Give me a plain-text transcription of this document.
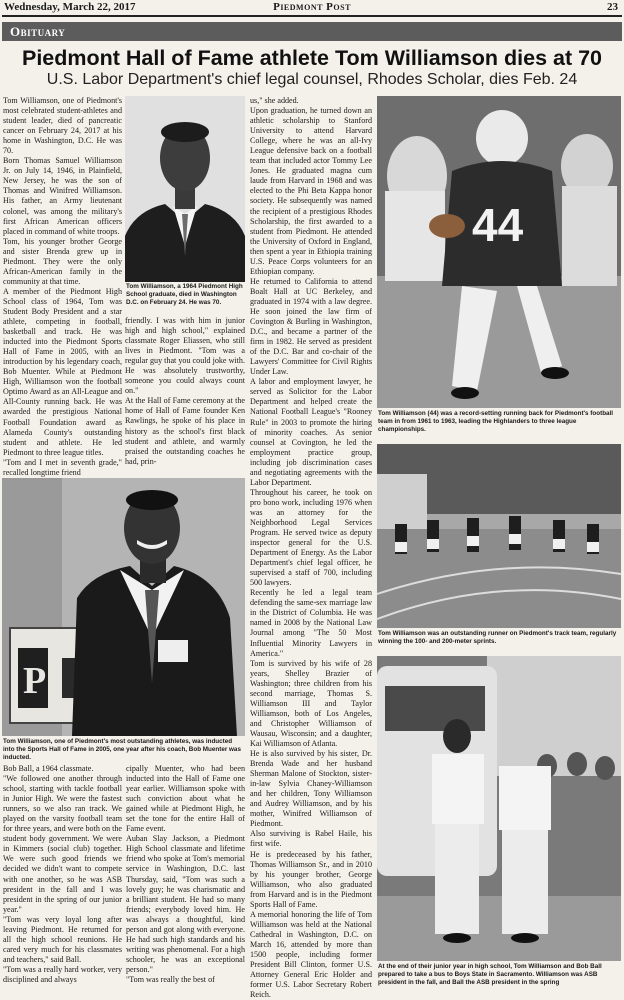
Wednesday, March 22, 2017	Piedmont Post	23
Obituary
Piedmont Hall of Fame athlete Tom Williamson dies at 70
U.S. Labor Department's chief legal counsel, Rhodes Scholar, dies Feb. 24
Tom Williamson, one of Piedmont's most celebrated student-athletes and student leader, died of pancreatic cancer on February 24, 2017 at his home in Washington, D.C. He was 70.
Born Thomas Samuel Williamson Jr. on July 14, 1946, in Plainfield, New Jersey, he was the son of Thomas and Winifred Williamson. His father, an Army lieutenant colonel, was among the military's first African American officers placed in command of white troops.
Tom, his younger brother George and sister Brenda grew up in Piedmont. They were the only African-American family in the community at that time.
A member of the Piedmont High School class of 1964, Tom was Student Body President and a star athlete, competing in football, basketball and track. He was inducted into the Piedmont Sports Hall of Fame in 2005, with an introduction by his legendary coach, Bob Muenter. While at Piedmont High, Williamson won the football Optimo Award as an All-League and All-County running back. He was awarded the prestigious National Football Foundation award as Alameda County's outstanding student and athlete. He led Piedmont to three league titles.
"Tom and I met in seventh grade," recalled longtime friend
Tom Williamson, a 1964 Piedmont High School graduate, died in Washington D.C. on February 24. He was 70.
friendly. I was with him in junior high and high school," explained classmate Roger Eliassen, who still lives in Piedmont. "Tom was a regular guy that you could joke with. He was absolutely trustworthy, someone you could always count on."
At the Hall of Fame ceremony at the home of Hall of Fame founder Ken Rawlings, he spoke of his place in history as the school's first black student and athlete, and warmly praised the outstanding coaches he had, prin-
P
Tom Williamson, one of Piedmont's most outstanding athletes, was inducted into the Sports Hall of Fame in 2005, one year after his coach, Bob Muenter was inducted.
Bob Ball, a 1964 classmate.
"We followed one another through school, starting with tackle football in Junior High. We were the fastest runners, so we also ran track. We played on the varsity football team for three years, and were both on the student body government. We were in Kimmers (social club) together. We were such good friends we decided we didn't want to compete with one another, so he was ASB president in the fall and I was president in the spring of our junior year."
"Tom was very loyal long after leaving Piedmont. He returned for all the high school reunions. He cared very much for his classmates and teachers," said Ball.
"Tom was a really hard worker, very disciplined and always
cipally Muenter, who had been inducted into the Hall of Fame one year earlier. Williamson spoke with such conviction about what he gained while at Piedmont High, he set the tone for the entire Hall of Fame event.
Auban Slay Jackson, a Piedmont High School classmate and lifetime friend who spoke at Tom's memorial service in Washington, D.C. last Thursday, said, "Tom was such a lovely guy; he was charismatic and a brilliant student. He had so many friends; everybody loved him. He was always a thoughtful, kind person and got along with everyone. He had such high standards and his writing was phenomenal. For a high schooler, he was an exceptional person."
"Tom was really the best of
us," she added.
Upon graduation, he turned down an athletic scholarship to Stanford University to attend Harvard College, where he was an all-Ivy League defensive back on a football team that included actor Tommy Lee Jones. He graduated magna cum laude from Harvard in 1968 and was elected to the Phi Beta Kappa honor society. He subsequently was named the recipient of a prestigious Rhodes Scholarship, the first awarded to a student from Piedmont. He attended the University of Oxford in England, then spent a year in Ethiopia training U.S. Peace Corps volunteers for an Ethiopian company.
He returned to California to attend Boalt Hall at UC Berkeley, and graduated in 1974 with a law degree. He soon joined the law firm of Covington & Burling in Washington, D.C., and became a partner of the firm in 1982. He served as president of the D.C. Bar and co-chair of the Lawyers' Committee for Civil Rights Under Law.
A labor and employment lawyer, he served as Solicitor for the Labor Department and helped create the National Football League's "Rooney Rule" in 2003 to promote the hiring of minority coaches. As senior counsel at Covington, he led the employment practice group, including job discrimination cases and negotiating agreements with the Labor Department.
Throughout his career, he took on pro bono work, including 1976 when was an attorney for the Neighborhood Legal Services Program. He served twice as deputy inspector general for the U.S. Department of Energy. As the Labor Department's chief legal officer, he supervised a staff of 700, including 500 lawyers.
Recently he led a legal team defending the same-sex marriage law in the District of Columbia. He was named in 2008 by the National Law Journal among "The 50 Most Influential Minority Lawyers in America."
Tom is survived by his wife of 28 years, Shelley Brazier of Washington; three children from his second marriage, Thomas S. Williamson III and Taylor Williamson, both of Los Angeles, and Christopher Williamson of Wausau, Wisconsin; and a daughter, Kai Williamson of Atlanta.
He is also survived by his sister, Dr. Brenda Wade and her husband Sherman Malone of Stockton, sister-in-law Sylvia Chaney-Williamson and her children, Tony Williamson and Audrey Williamson, and by his mother, Winifred Williamson of Piedmont.
Also surviving is Rabel Haile, his first wife.
He is predeceased by his father, Thomas Williamson Sr., and in 2010 by his younger brother, George Williamson, who also graduated from Harvard and is in the Piedmont Sports Hall of Fame.
A memorial honoring the life of Tom Williamson was held at the National Cathedral in Washington, D.C. on March 16, attended by more than 1500 people, including former President Bill Clinton, former U.S. Attorney General Eric Holder and former U.S. Labor Secretary Robert Reich.
44
Tom Williamson (44) was a record-setting running back for Piedmont's football team in from 1961 to 1963, leading the Highlanders to three league championships.
Tom Williamson was an outstanding runner on Piedmont's track team, regularly winning the 100- and 200-meter sprints.
At the end of their junior year in high school, Tom Williamson and Bob Ball prepared to take a bus to Boys State in Sacramento. Williamson was ASB president in the fall, and Ball the ASB president in the spring
